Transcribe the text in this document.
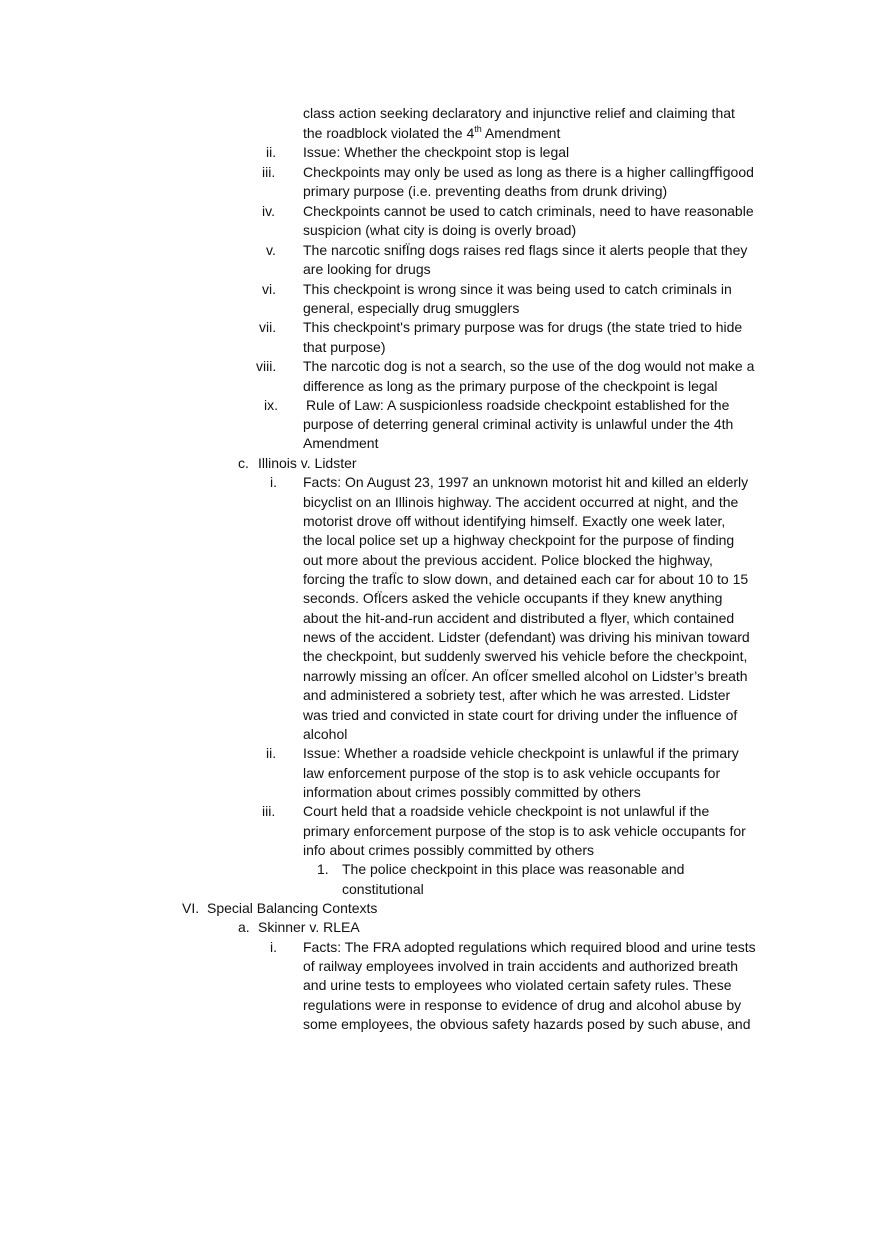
class action seeking declaratory and injunctive relief and claiming that
the roadblock violated the 4th Amendment
ii. Issue: Whether the checkpoint stop is legal
iii. Checkpoints may only be used as long as there is a higher callingﬃgood
primary purpose (i.e. preventing deaths from drunk driving)
iv. Checkpoints cannot be used to catch criminals, need to have reasonable
suspicion (what city is doing is overly broad)
v. The narcotic snifÏng dogs raises red flags since it alerts people that they
are looking for drugs
vi. This checkpoint is wrong since it was being used to catch criminals in
general, especially drug smugglers
vii. This checkpoint's primary purpose was for drugs (the state tried to hide
that purpose)
viii. The narcotic dog is not a search, so the use of the dog would not make a
difference as long as the primary purpose of the checkpoint is legal
ix. Rule of Law: A suspicionless roadside checkpoint established for the
purpose of deterring general criminal activity is unlawful under the 4th
Amendment
c. Illinois v. Lidster
i. Facts: On August 23, 1997 an unknown motorist hit and killed an elderly
bicyclist on an Illinois highway. The accident occurred at night, and the
motorist drove off without identifying himself. Exactly one week later,
the local police set up a highway checkpoint for the purpose of finding
out more about the previous accident. Police blocked the highway,
forcing the trafÏc to slow down, and detained each car for about 10 to 15
seconds. OfÏcers asked the vehicle occupants if they knew anything
about the hit-and-run accident and distributed a flyer, which contained
news of the accident. Lidster (defendant) was driving his minivan toward
the checkpoint, but suddenly swerved his vehicle before the checkpoint,
narrowly missing an ofÏcer. An ofÏcer smelled alcohol on Lidster’s breath
and administered a sobriety test, after which he was arrested. Lidster
was tried and convicted in state court for driving under the influence of
alcohol
ii. Issue: Whether a roadside vehicle checkpoint is unlawful if the primary
law enforcement purpose of the stop is to ask vehicle occupants for
information about crimes possibly committed by others
iii. Court held that a roadside vehicle checkpoint is not unlawful if the
primary enforcement purpose of the stop is to ask vehicle occupants for
info about crimes possibly committed by others
1. The police checkpoint in this place was reasonable and
constitutional
VI. Special Balancing Contexts
a. Skinner v. RLEA
i. Facts: The FRA adopted regulations which required blood and urine tests
of railway employees involved in train accidents and authorized breath
and urine tests to employees who violated certain safety rules. These
regulations were in response to evidence of drug and alcohol abuse by
some employees, the obvious safety hazards posed by such abuse, and
